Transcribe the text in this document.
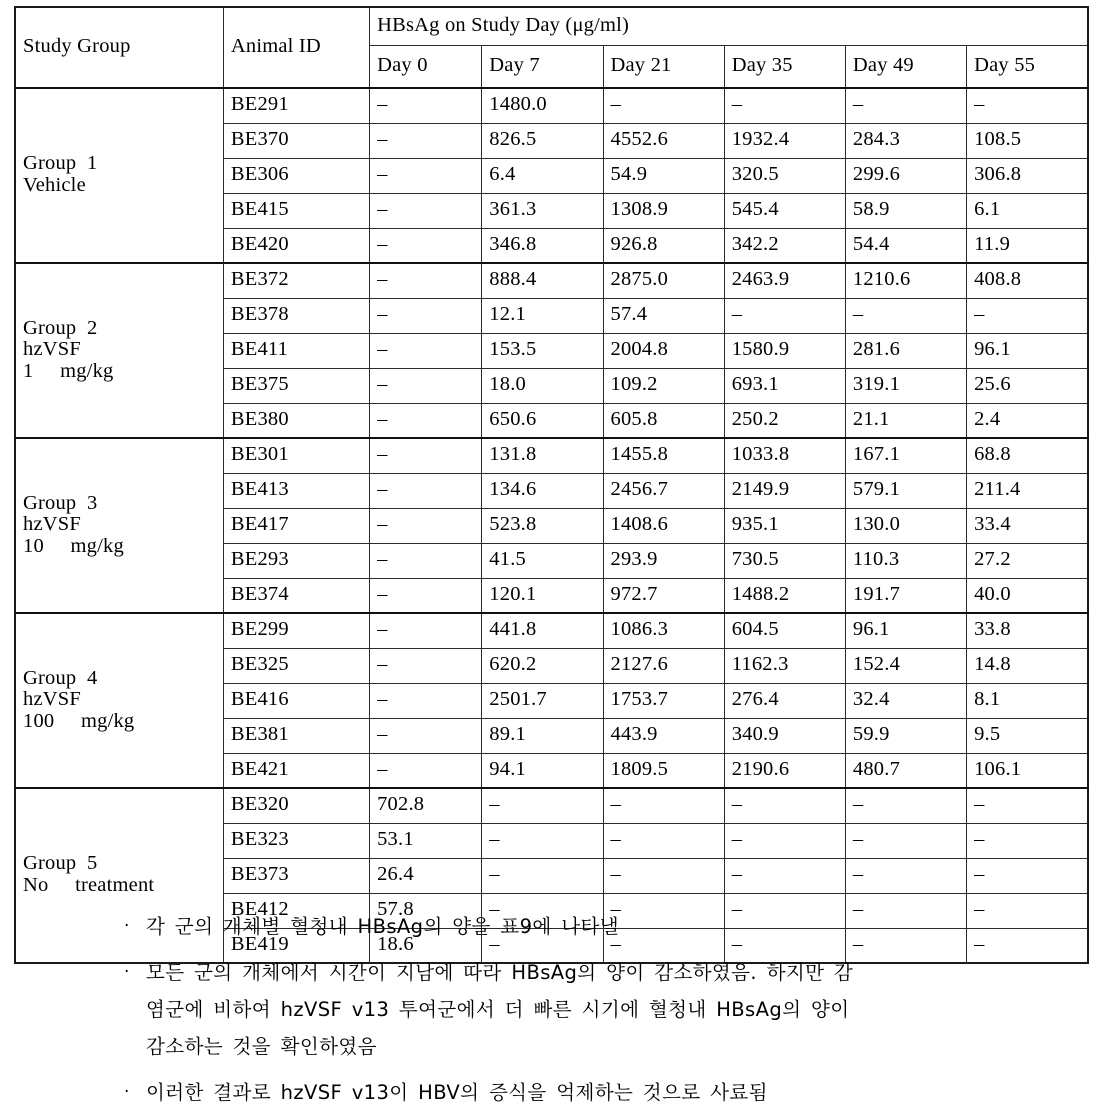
Study Group	Animal ID	HBsAg on Study Day (μg/ml)					
		Day 0	Day 7	Day 21	Day 35	Day 49	Day 55

Group  1
Vehicle	BE291	–	1480.0	–	–	–	–
	BE370	–	826.5	4552.6	1932.4	284.3	108.5
	BE306	–	6.4	54.9	320.5	299.6	306.8
	BE415	–	361.3	1308.9	545.4	58.9	6.1
	BE420	–	346.8	926.8	342.2	54.4	11.9

Group  2
hzVSF
1     mg/kg	BE372	–	888.4	2875.0	2463.9	1210.6	408.8
	BE378	–	12.1	57.4	–	–	–
	BE411	–	153.5	2004.8	1580.9	281.6	96.1
	BE375	–	18.0	109.2	693.1	319.1	25.6
	BE380	–	650.6	605.8	250.2	21.1	2.4

Group  3
hzVSF
10     mg/kg	BE301	–	131.8	1455.8	1033.8	167.1	68.8
	BE413	–	134.6	2456.7	2149.9	579.1	211.4
	BE417	–	523.8	1408.6	935.1	130.0	33.4
	BE293	–	41.5	293.9	730.5	110.3	27.2
	BE374	–	120.1	972.7	1488.2	191.7	40.0

Group  4
hzVSF
100     mg/kg	BE299	–	441.8	1086.3	604.5	96.1	33.8
	BE325	–	620.2	2127.6	1162.3	152.4	14.8
	BE416	–	2501.7	1753.7	276.4	32.4	8.1
	BE381	–	89.1	443.9	340.9	59.9	9.5
	BE421	–	94.1	1809.5	2190.6	480.7	106.1

Group  5
No     treatment	BE320	702.8	–	–	–	–	–
	BE323	53.1	–	–	–	–	–
	BE373	26.4	–	–	–	–	–
	BE412	57.8	–	–	–	–	–
	BE419	18.6	–	–	–	–	–
· 각 군의 개체별 혈청내 HBsAg의 양을 표9에 나타낼
· 모든 군의 개체에서 시간이 지남에 따라 HBsAg의 양이 감소하였음. 하지만 감
염군에 비하여 hzVSF v13 투여군에서 더 빠른 시기에 혈청내 HBsAg의 양이
감소하는 것을 확인하였음
· 이러한 결과로 hzVSF v13이 HBV의 증식을 억제하는 것으로 사료됨
